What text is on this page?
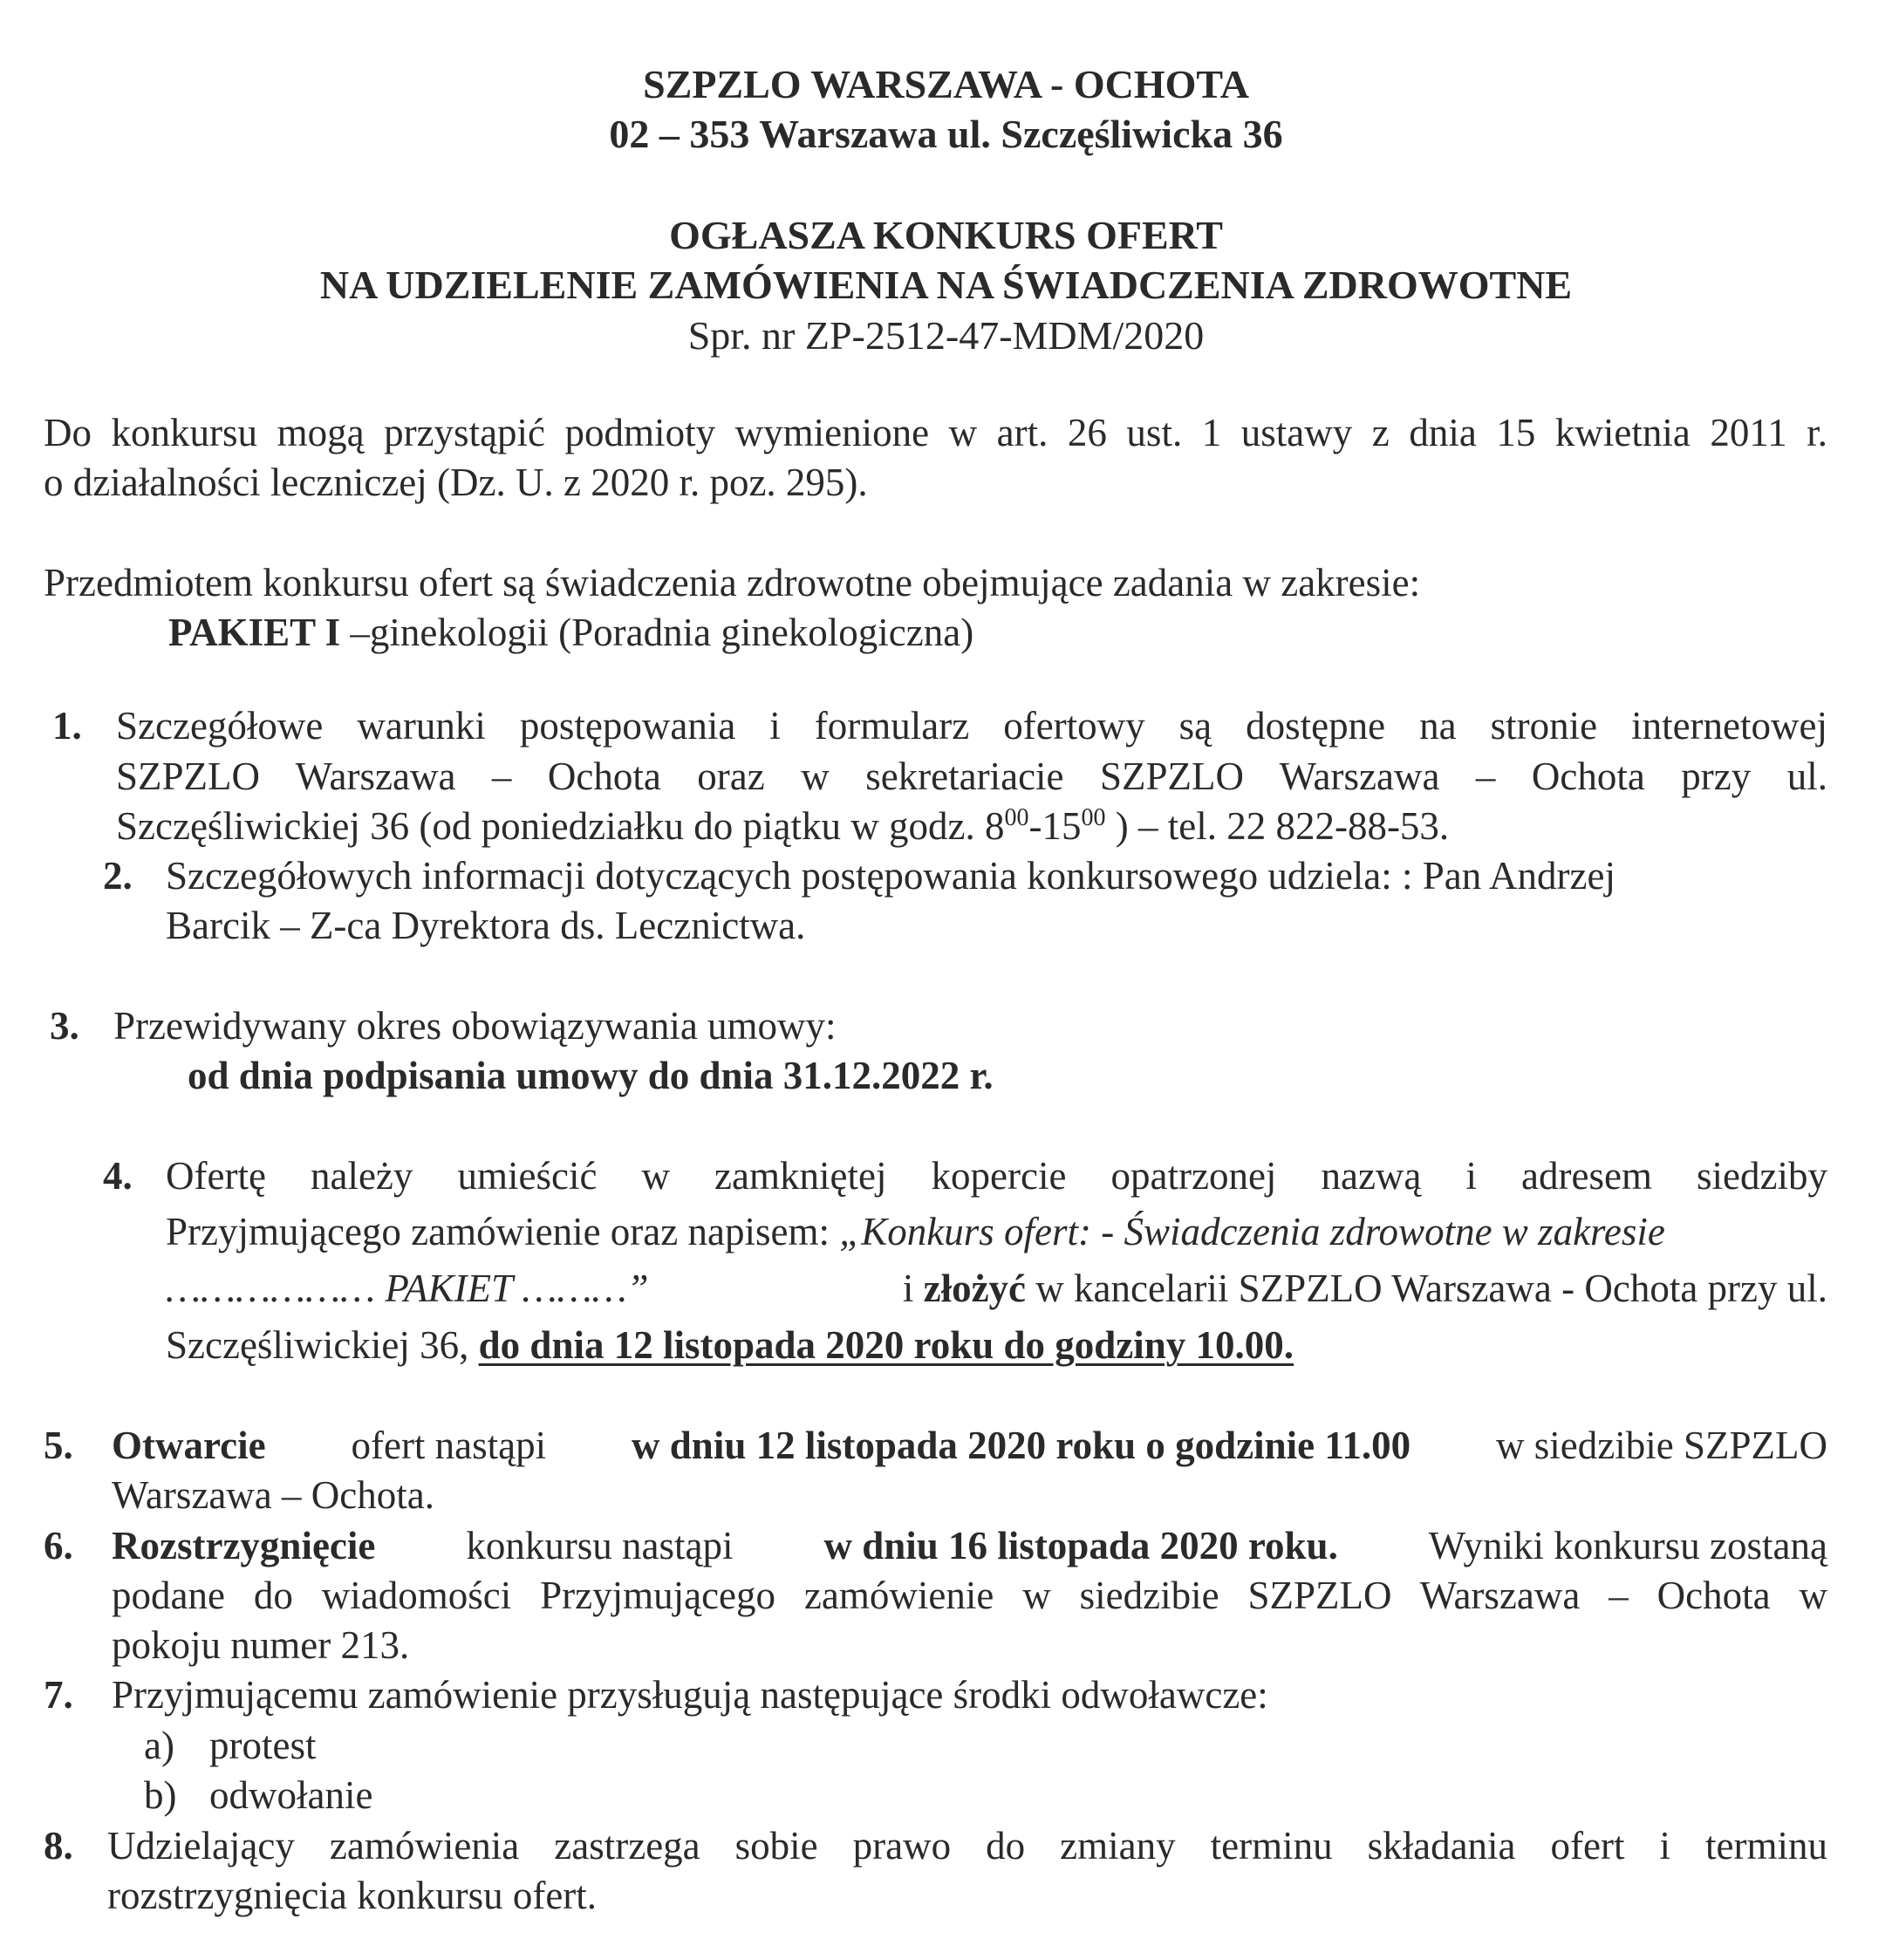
SZPZLO WARSZAWA - OCHOTA
02 – 353 Warszawa ul. Szczęśliwicka 36
OGŁASZA KONKURS OFERT
NA UDZIELENIE ZAMÓWIENIA NA ŚWIADCZENIA ZDROWOTNE
Spr. nr ZP-2512-47-MDM/2020
Do konkursu mogą przystąpić podmioty wymienione w art. 26 ust. 1 ustawy z dnia 15 kwietnia 2011 r.
o działalności leczniczej (Dz. U. z 2020 r. poz. 295).
Przedmiotem konkursu ofert są świadczenia zdrowotne obejmujące zadania w zakresie:
PAKIET I –ginekologii (Poradnia ginekologiczna)
1. Szczegółowe warunki postępowania i formularz ofertowy są dostępne na stronie internetowej
SZPZLO Warszawa – Ochota oraz w sekretariacie SZPZLO Warszawa – Ochota przy ul.
Szczęśliwickiej 36 (od poniedziałku do piątku w godz. $8^{00}-15^{00}$ ) – tel. 22 822-88-53.
2. Szczegółowych informacji dotyczących postępowania konkursowego udziela: : Pan Andrzej
Barcik – Z-ca Dyrektora ds. Lecznictwa.
3. Przewidywany okres obowiązywania umowy:
od dnia podpisania umowy do dnia 31.12.2022 r.
4. Ofertę należy umieścić w zamkniętej kopercie opatrzonej nazwą i adresem siedziby
Przyjmującego zamówienie oraz napisem: „Konkurs ofert: - Świadczenia zdrowotne w zakresie
……………… PAKIET ………”	i złożyć w kancelarii SZPZLO Warszawa - Ochota przy ul.
Szczęśliwickiej 36, do dnia 12 listopada 2020 roku do godziny 10.00.
5. Otwarcie ofert nastąpi w dniu 12 listopada 2020 roku o godzinie 11.00 w siedzibie SZPZLO
Warszawa – Ochota.
6. Rozstrzygnięcie konkursu nastąpi w dniu 16 listopada 2020 roku. Wyniki konkursu zostaną
podane do wiadomości Przyjmującego zamówienie w siedzibie SZPZLO Warszawa – Ochota w
pokoju numer 213.
7. Przyjmującemu zamówienie przysługują następujące środki odwoławcze:
a) protest
b) odwołanie
8. Udzielający zamówienia zastrzega sobie prawo do zmiany terminu składania ofert i terminu
rozstrzygnięcia konkursu ofert.
